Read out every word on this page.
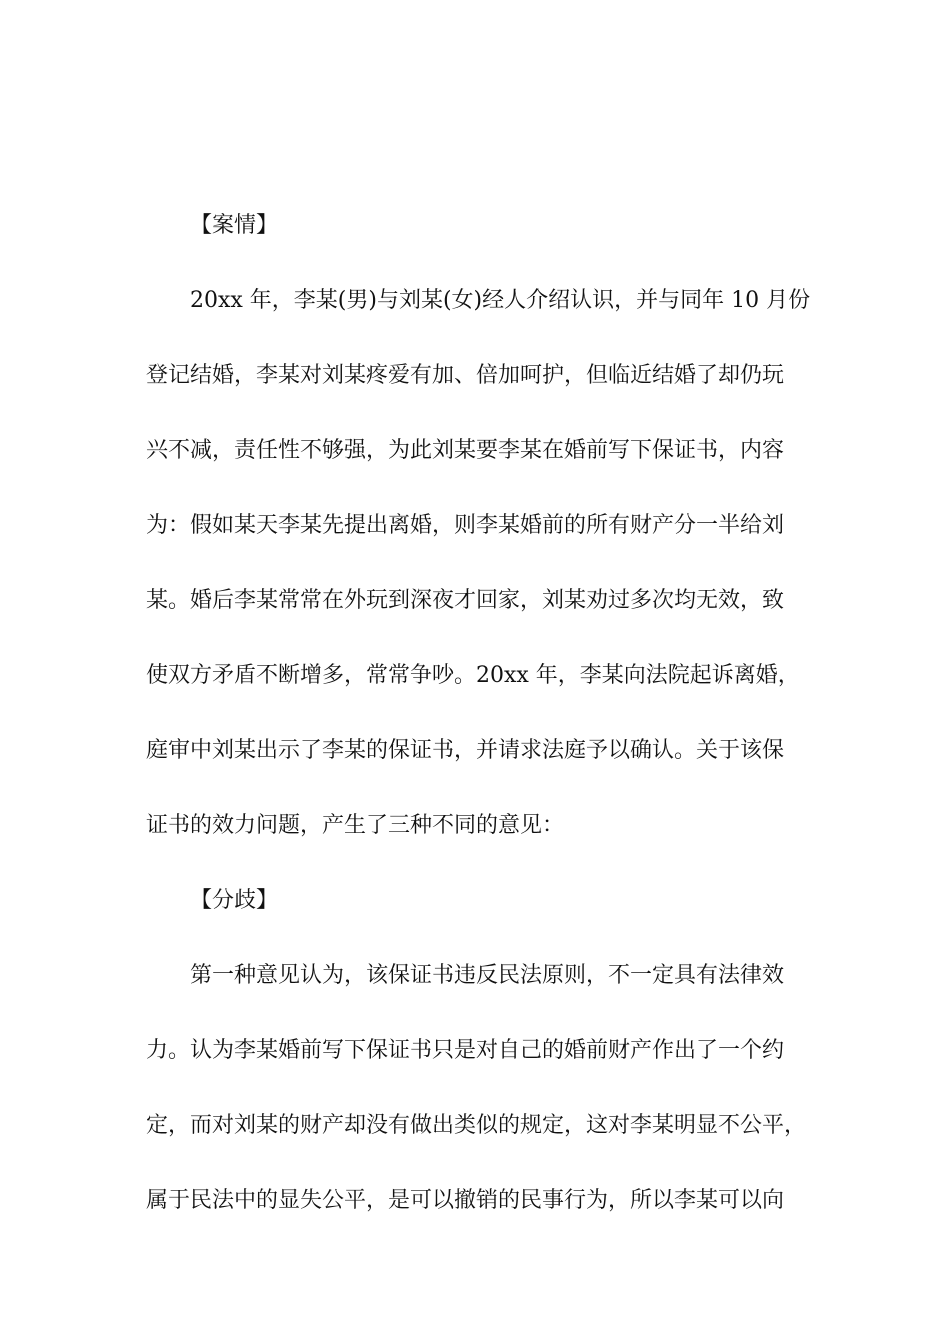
【案情】
20xx 年，李某(男)与刘某(女)经人介绍认识，并与同年 10 月份
登记结婚，李某对刘某疼爱有加、倍加呵护，但临近结婚了却仍玩
兴不减，责任性不够强，为此刘某要李某在婚前写下保证书，内容
为：假如某天李某先提出离婚，则李某婚前的所有财产分一半给刘
某。婚后李某常常在外玩到深夜才回家，刘某劝过多次均无效，致
使双方矛盾不断增多，常常争吵。20xx 年，李某向法院起诉离婚，
庭审中刘某出示了李某的保证书，并请求法庭予以确认。关于该保
证书的效力问题，产生了三种不同的意见：
【分歧】
第一种意见认为，该保证书违反民法原则，不一定具有法律效
力。认为李某婚前写下保证书只是对自己的婚前财产作出了一个约
定，而对刘某的财产却没有做出类似的规定，这对李某明显不公平，
属于民法中的显失公平，是可以撤销的民事行为，所以李某可以向
